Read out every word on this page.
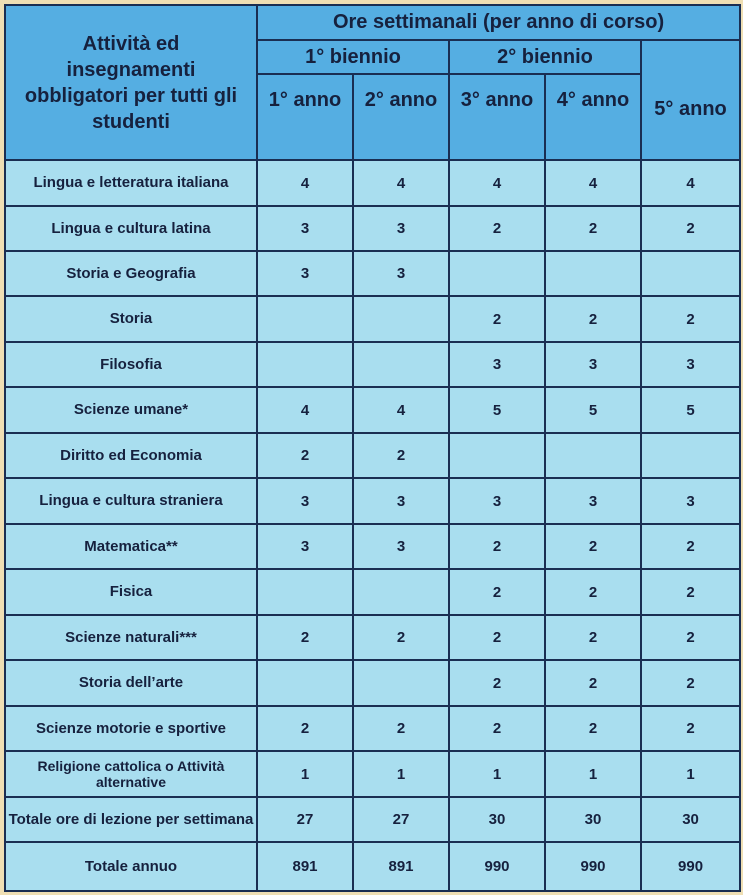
Attività ed insegnamenti obbligatori per tutti gli studenti	Ore settimanali (per anno di corso)				
	1° biennio		2° biennio		5° anno
	1° anno	2° anno	3° anno	4° anno	
Lingua e letteratura italiana	4	4	4	4	4
Lingua e cultura latina	3	3	2	2	2
Storia e Geografia	3	3			
Storia			2	2	2
Filosofia			3	3	3
Scienze umane*	4	4	5	5	5
Diritto ed Economia	2	2			
Lingua e cultura straniera	3	3	3	3	3
Matematica**	3	3	2	2	2
Fisica			2	2	2
Scienze naturali***	2	2	2	2	2
Storia dell’arte			2	2	2
Scienze motorie e sportive	2	2	2	2	2
Religione cattolica o Attività alternative	1	1	1	1	1
Totale ore di lezione per settimana	27	27	30	30	30
Totale annuo	891	891	990	990	990
